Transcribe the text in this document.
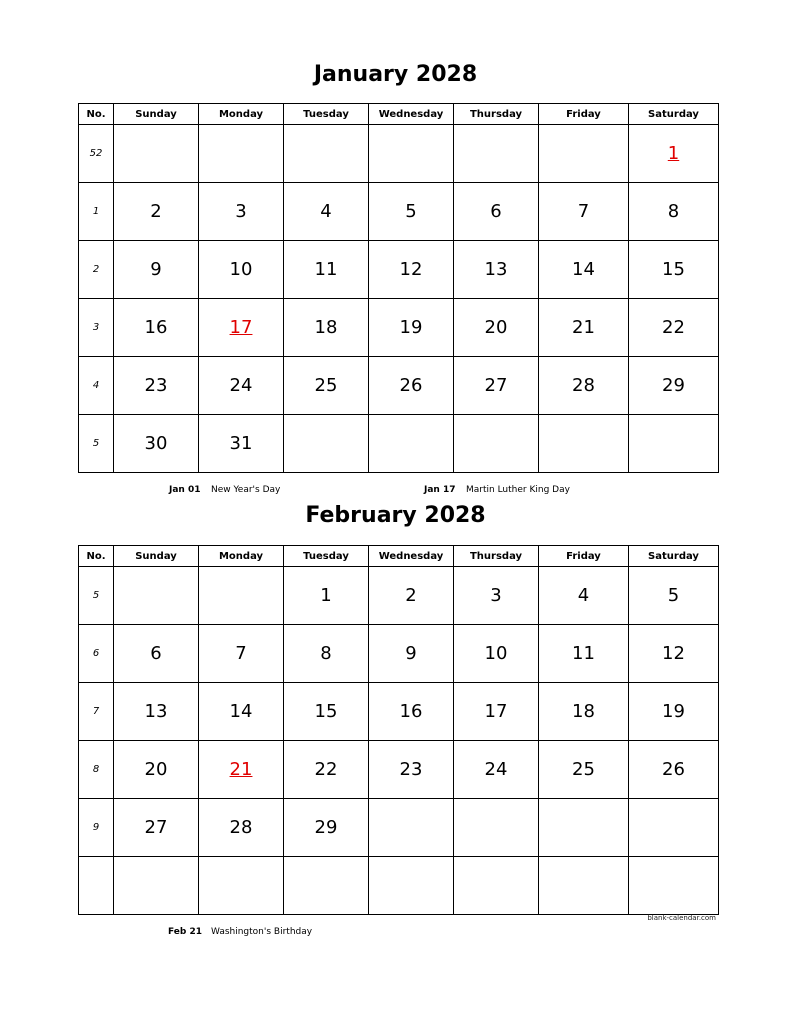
January 2028
No.	Sunday	Monday	Tuesday	Wednesday	Thursday	Friday	Saturday
52							1
1	2	3	4	5	6	7	8
2	9	10	11	12	13	14	15
3	16	17	18	19	20	21	22
4	23	24	25	26	27	28	29
5	30	31					
Jan 01 New Year's Day	Jan 17 Martin Luther King Day
February 2028
No.	Sunday	Monday	Tuesday	Wednesday	Thursday	Friday	Saturday
5			1	2	3	4	5
6	6	7	8	9	10	11	12
7	13	14	15	16	17	18	19
8	20	21	22	23	24	25	26
9	27	28	29				

blank-calendar.com
Feb 21 Washington's Birthday
